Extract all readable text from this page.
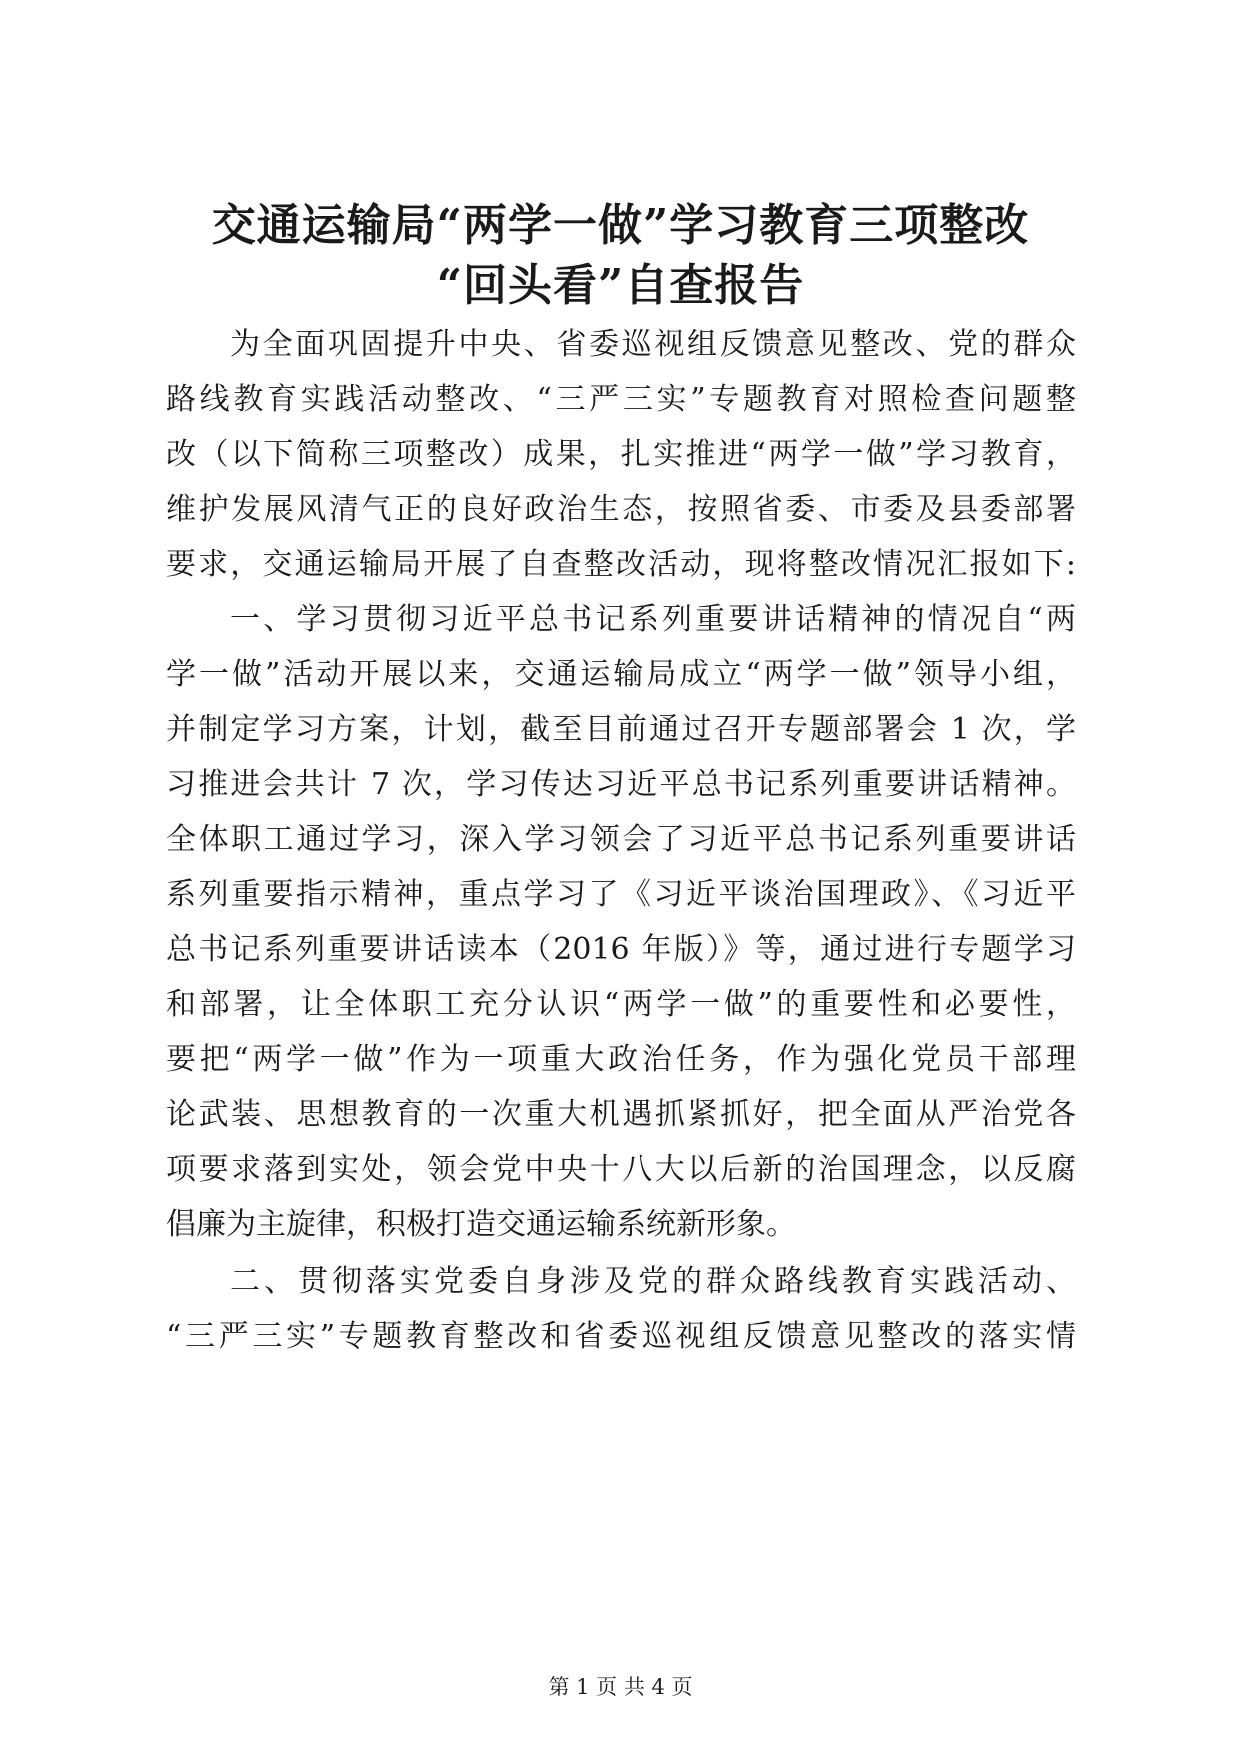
交通运输局“两学一做”学习教育三项整改
“回头看”自查报告
为全面巩固提升中央、省委巡视组反馈意见整改、党的群众
路线教育实践活动整改、“三严三实”专题教育对照检查问题整
改（以下简称三项整改）成果，扎实推进“两学一做”学习教育，
维护发展风清气正的良好政治生态，按照省委、市委及县委部署
要求，交通运输局开展了自查整改活动，现将整改情况汇报如下:
一、学习贯彻习近平总书记系列重要讲话精神的情况自“两
学一做”活动开展以来，交通运输局成立“两学一做”领导小组，
并制定学习方案，计划，截至目前通过召开专题部署会 1 次，学
习推进会共计 7 次，学习传达习近平总书记系列重要讲话精神。
全体职工通过学习，深入学习领会了习近平总书记系列重要讲话
系列重要指示精神，重点学习了《习近平谈治国理政》、《习近平
总书记系列重要讲话读本（2016 年版）》等，通过进行专题学习
和部署，让全体职工充分认识“两学一做”的重要性和必要性，
要把“两学一做”作为一项重大政治任务，作为强化党员干部理
论武装、思想教育的一次重大机遇抓紧抓好，把全面从严治党各
项要求落到实处，领会党中央十八大以后新的治国理念，以反腐
倡廉为主旋律，积极打造交通运输系统新形象。
二、贯彻落实党委自身涉及党的群众路线教育实践活动、
“三严三实”专题教育整改和省委巡视组反馈意见整改的落实情
第 1 页 共 4 页
